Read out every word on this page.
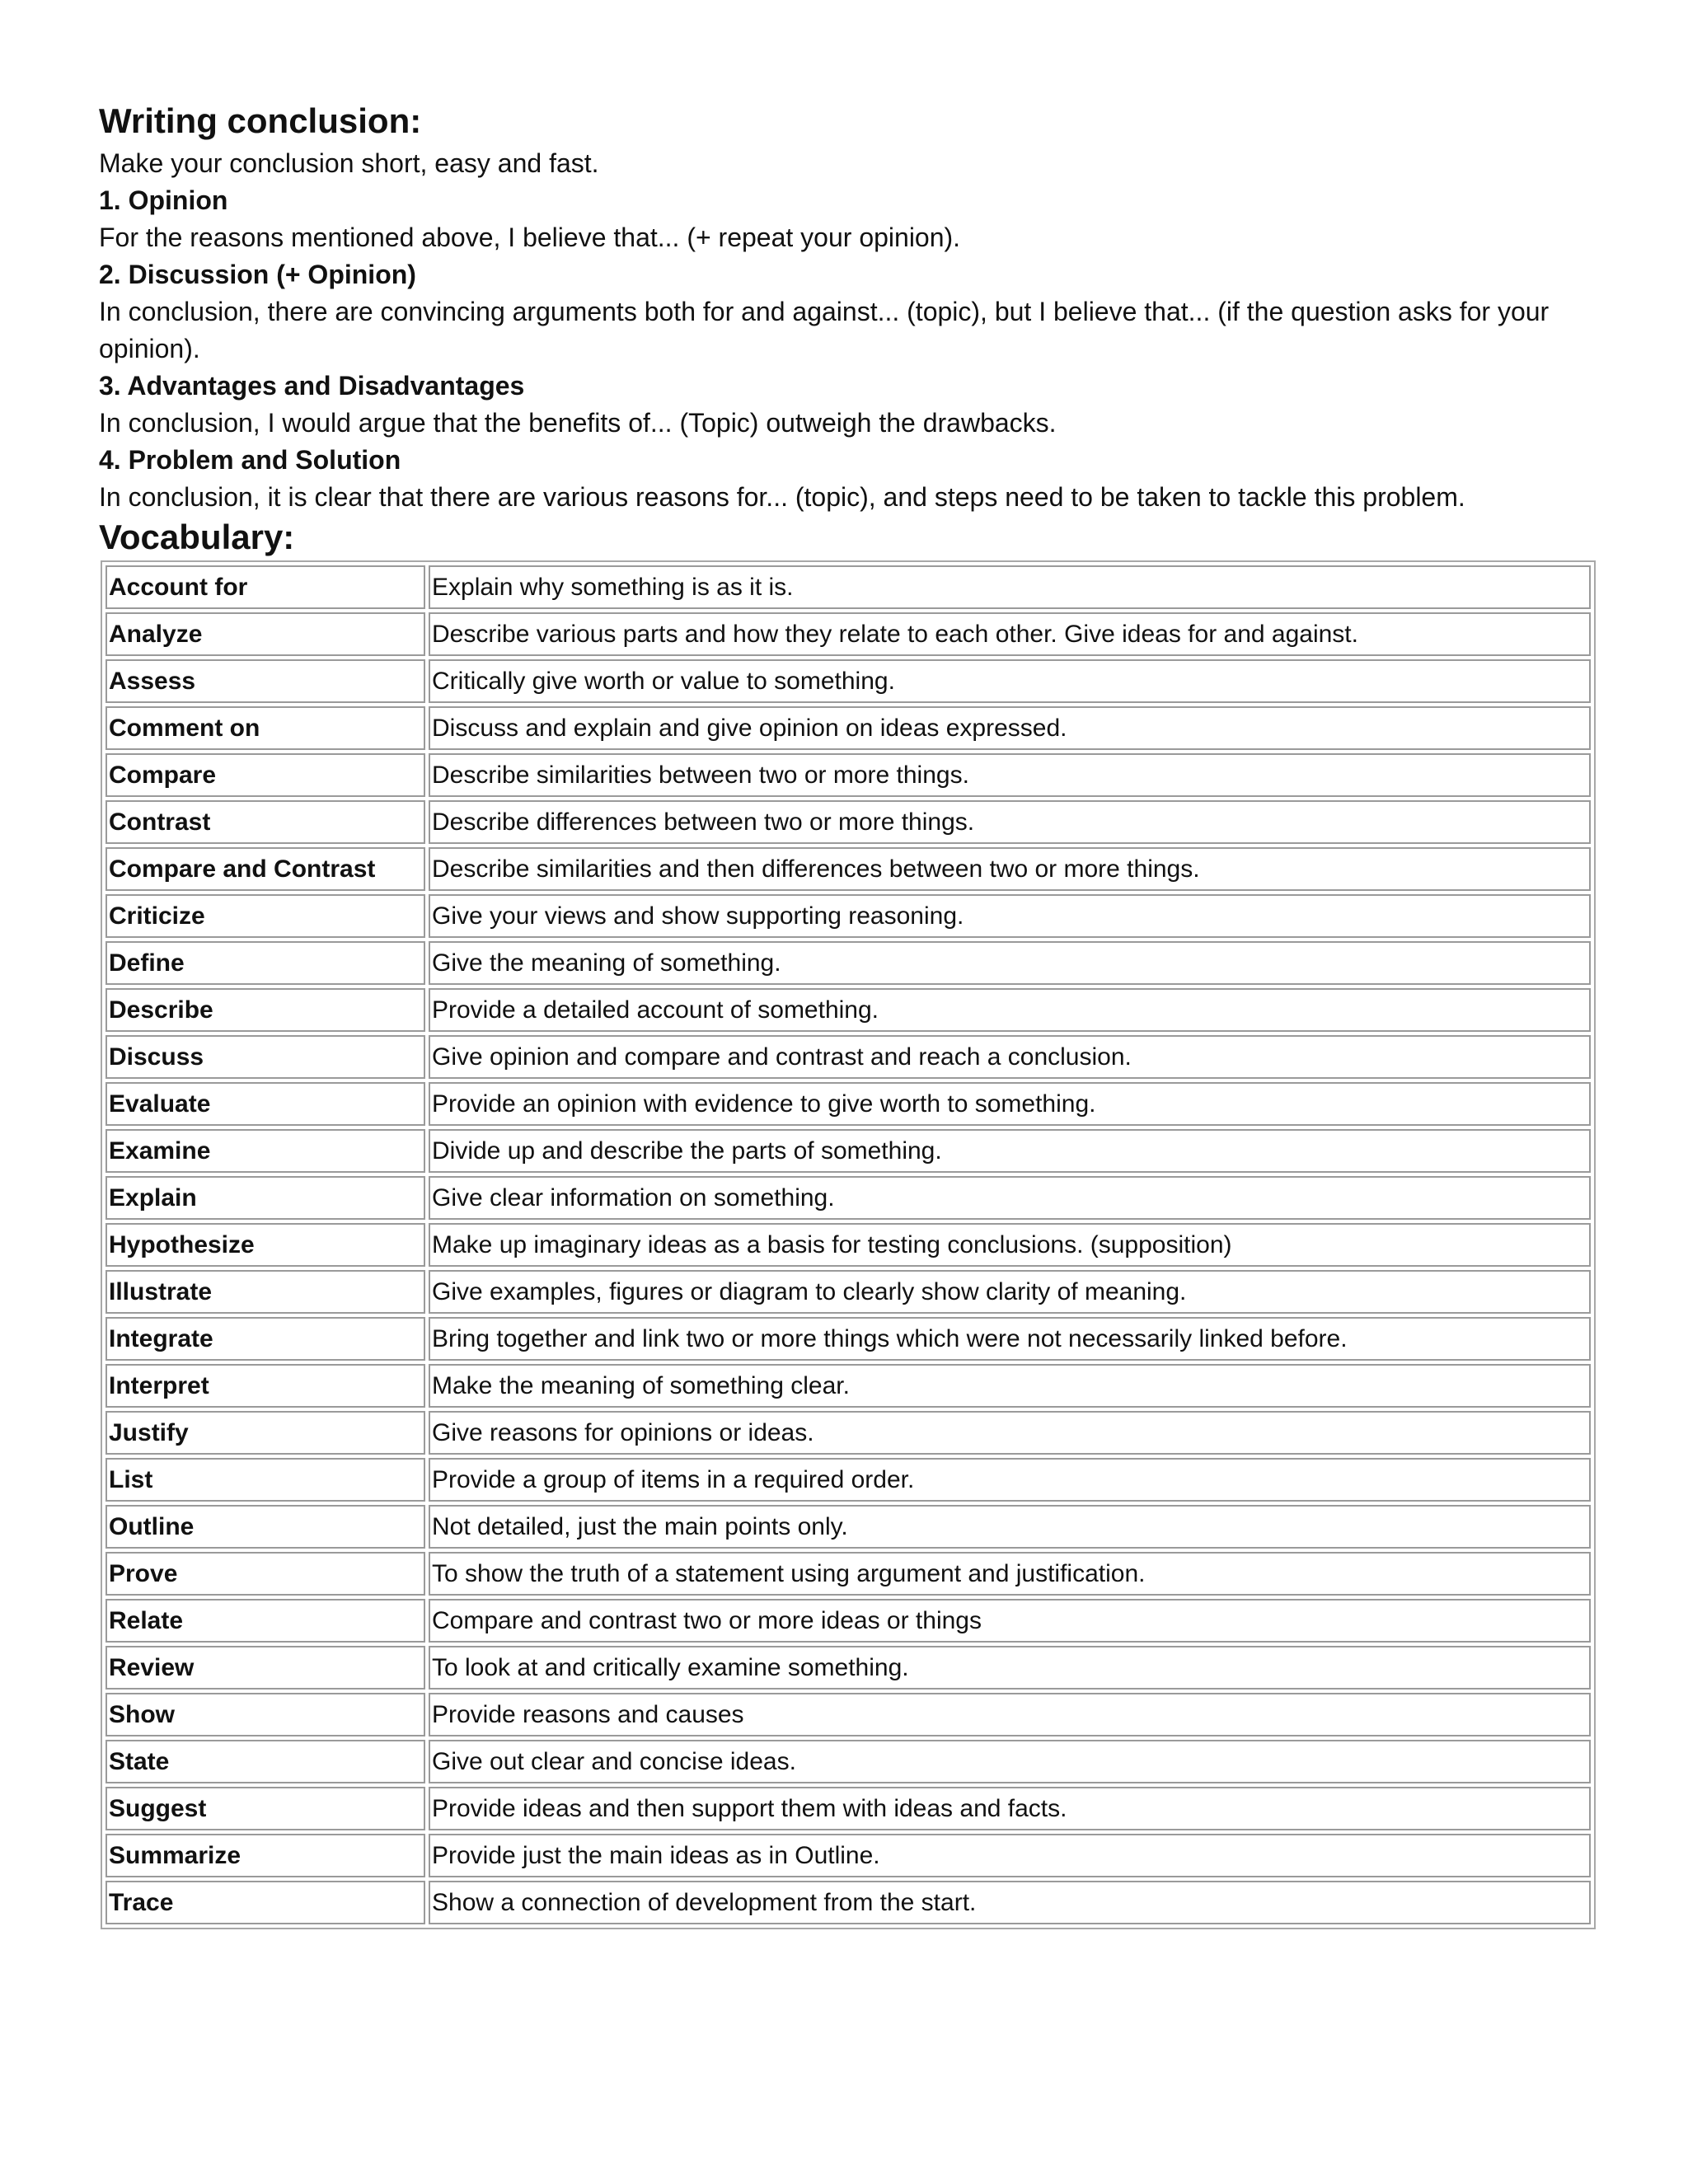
Writing conclusion:

Make your conclusion short, easy and fast.

1. Opinion

For the reasons mentioned above, I believe that... (+ repeat your opinion).

2. Discussion (+ Opinion)

In conclusion, there are convincing arguments both for and against... (topic), but I believe that... (if the question asks for your opinion).

3. Advantages and Disadvantages

In conclusion, I would argue that the benefits of... (Topic) outweigh the drawbacks.

4. Problem and Solution

In conclusion, it is clear that there are various reasons for... (topic), and steps need to be taken to tackle this problem.

Vocabulary:
Account for	Explain why something is as it is.
Analyze	Describe various parts and how they relate to each other. Give ideas for and against.
Assess	Critically give worth or value to something.
Comment on	Discuss and explain and give opinion on ideas expressed.
Compare	Describe similarities between two or more things.
Contrast	Describe differences between two or more things.
Compare and Contrast	Describe similarities and then differences between two or more things.
Criticize	Give your views and show supporting reasoning.
Define	Give the meaning of something.
Describe	Provide a detailed account of something.
Discuss	Give opinion and compare and contrast and reach a conclusion.
Evaluate	Provide an opinion with evidence to give worth to something.
Examine	Divide up and describe the parts of something.
Explain	Give clear information on something.
Hypothesize	Make up imaginary ideas as a basis for testing conclusions. (supposition)
Illustrate	Give examples, figures or diagram to clearly show clarity of meaning.
Integrate	Bring together and link two or more things which were not necessarily linked before.
Interpret	Make the meaning of something clear.
Justify	Give reasons for opinions or ideas.
List	Provide a group of items in a required order.
Outline	Not detailed, just the main points only.
Prove	To show the truth of a statement using argument and justification.
Relate	Compare and contrast two or more ideas or things
Review	To look at and critically examine something.
Show	Provide reasons and causes
State	Give out clear and concise ideas.
Suggest	Provide ideas and then support them with ideas and facts.
Summarize	Provide just the main ideas as in Outline.
Trace	Show a connection of development from the start.
